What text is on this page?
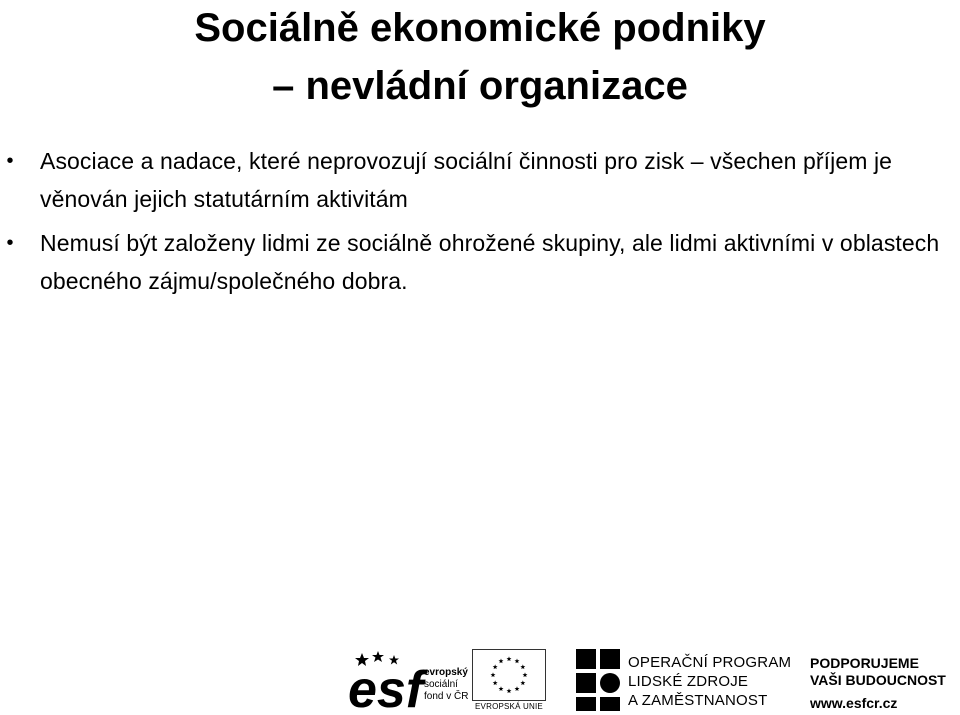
Sociálně ekonomické podniky
– nevládní organizace
• Asociace a nadace, které neprovozují sociální činnosti pro zisk – všechen příjem je věnován jejich statutárním aktivitám
• Nemusí být založeny lidmi ze sociálně ohrožené skupiny, ale lidmi aktivními v oblastech obecného zájmu/společného dobra.
esf evropský
sociální
fond v ČR
EVROPSKÁ UNIE
OPERAČNÍ PROGRAM
LIDSKÉ ZDROJE
A ZAMĚSTNANOST
PODPORUJEME
VAŠI BUDOUCNOST
www.esfcr.cz
